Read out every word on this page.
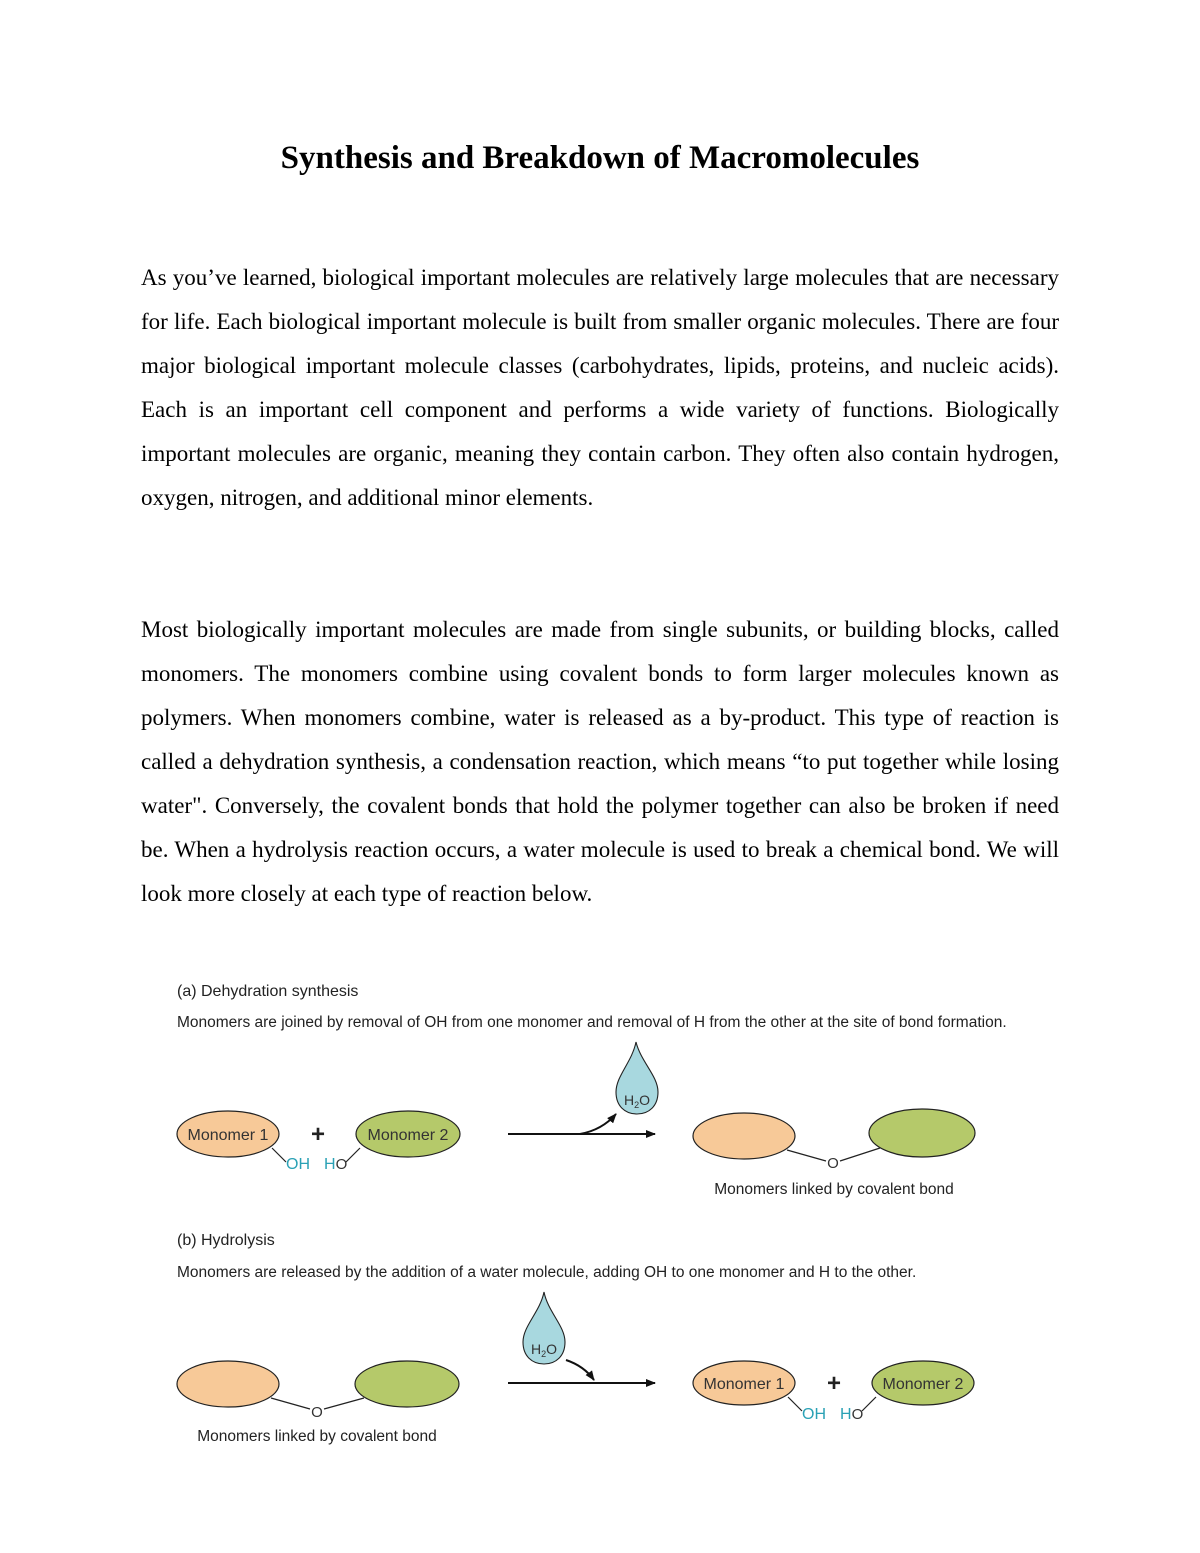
Synthesis and Breakdown of Macromolecules

As you’ve learned, biological important molecules are relatively large molecules that are necessary for life. Each biological important molecule is built from smaller organic molecules. There are four major biological important molecule classes (carbohydrates, lipids, proteins, and nucleic acids). Each is an important cell component and performs a wide variety of functions. Biologically important molecules are organic, meaning they contain carbon. They often also contain hydrogen, oxygen, nitrogen, and additional minor elements.

Most biologically important molecules are made from single subunits, or building blocks, called monomers. The monomers combine using covalent bonds to form larger molecules known as polymers. When monomers combine, water is released as a by-product. This type of reaction is called a dehydration synthesis, a condensation reaction, which means “to put together while losing water". Conversely, the covalent bonds that hold the polymer together can also be broken if need be. When a hydrolysis reaction occurs, a water molecule is used to break a chemical bond. We will look more closely at each type of reaction below.

(a) Dehydration synthesis
Monomers are joined by removal of OH from one monomer and removal of H from the other at the site of bond formation.
Monomer 1
OH
+	Monomer 2
HO
$H_2O$
O
Monomers linked by covalent bond
(b) Hydrolysis
Monomers are released by the addition of a water molecule, adding OH to one monomer and H to the other.
O
Monomers linked by covalent bond
$H_2O$
Monomer 1
OH
+	Monomer 2
HO
